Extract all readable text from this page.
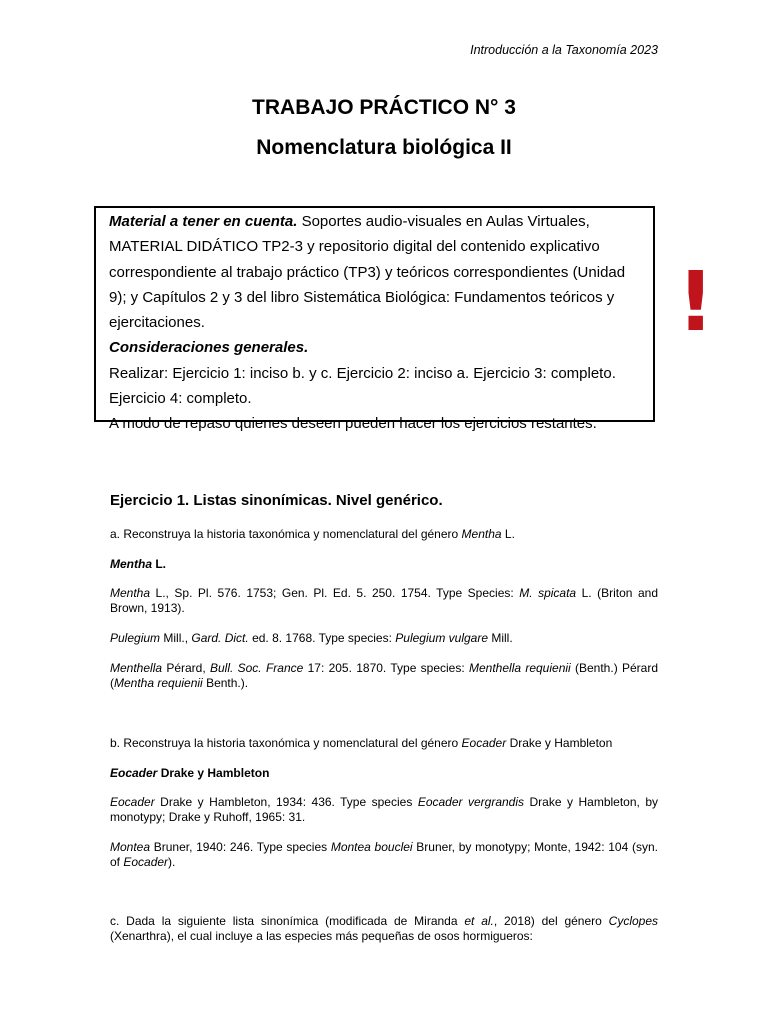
Introducción a la Taxonomía 2023
TRABAJO PRÁCTICO N° 3
Nomenclatura biológica II

Material a tener en cuenta. Soportes audio-visuales en Aulas Virtuales, MATERIAL DIDÁTICO TP2-3 y repositorio digital del contenido explicativo correspondiente al trabajo práctico (TP3) y teóricos correspondientes (Unidad 9); y Capítulos 2 y 3 del libro Sistemática Biológica: Fundamentos teóricos y ejercitaciones.

Consideraciones generales.

Realizar: Ejercicio 1: inciso b. y c. Ejercicio 2: inciso a. Ejercicio 3: completo. Ejercicio 4: completo.

A modo de repaso quienes deseen pueden hacer los ejercicios restantes.

!
Ejercicio 1. Listas sinonímicas. Nivel genérico.
a. Reconstruya la historia taxonómica y nomenclatural del género Mentha L.
Mentha L.
Mentha L., Sp. Pl. 576. 1753; Gen. Pl. Ed. 5. 250. 1754. Type Species: M. spicata L. (Briton and Brown, 1913).
Pulegium Mill., Gard. Dict. ed. 8. 1768. Type species: Pulegium vulgare Mill.
Menthella Pérard, Bull. Soc. France 17: 205. 1870. Type species: Menthella requienii (Benth.) Pérard (Mentha requienii Benth.).
b. Reconstruya la historia taxonómica y nomenclatural del género Eocader Drake y Hambleton
Eocader Drake y Hambleton
Eocader Drake y Hambleton, 1934: 436. Type species Eocader vergrandis Drake y Hambleton, by monotypy; Drake y Ruhoff, 1965: 31.
Montea Bruner, 1940: 246. Type species Montea bouclei Bruner, by monotypy; Monte, 1942: 104 (syn. of Eocader).
c. Dada la siguiente lista sinonímica (modificada de Miranda et al., 2018) del género Cyclopes (Xenarthra), el cual incluye a las especies más pequeñas de osos hormigueros:
